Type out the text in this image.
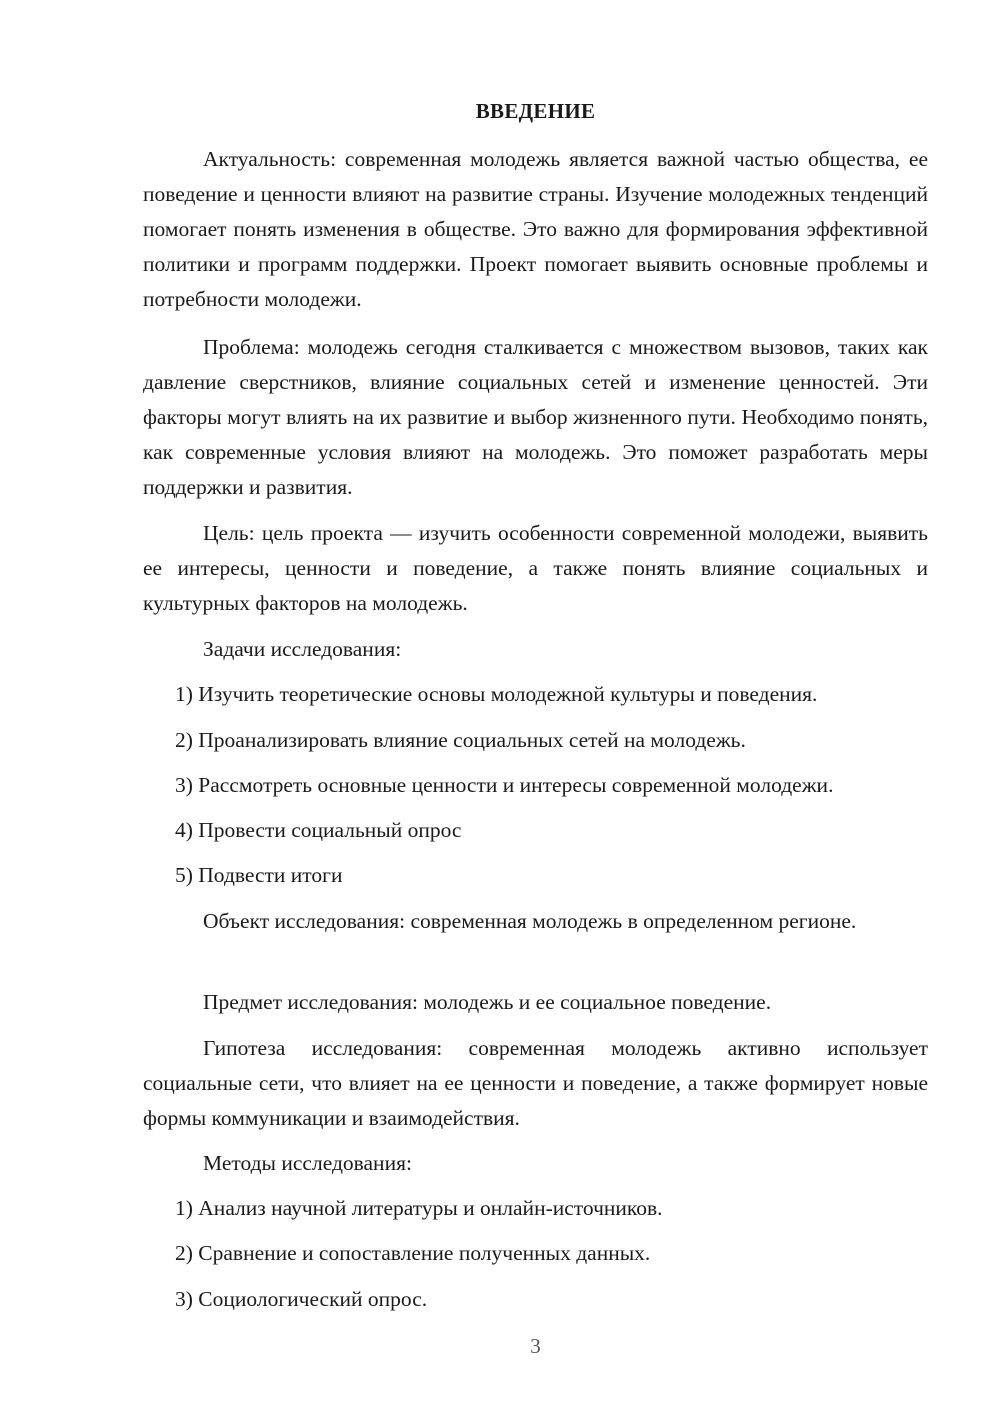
ВВЕДЕНИЕ

Актуальность: современная молодежь является важной частью общества, ее поведение и ценности влияют на развитие страны. Изучение молодежных тенденций помогает понять изменения в обществе. Это важно для формирования эффективной политики и программ поддержки. Проект помогает выявить основные проблемы и потребности молодежи.

Проблема: молодежь сегодня сталкивается с множеством вызовов, таких как давление сверстников, влияние социальных сетей и изменение ценностей. Эти факторы могут влиять на их развитие и выбор жизненного пути. Необходимо понять, как современные условия влияют на молодежь. Это поможет разработать меры поддержки и развития.

Цель: цель проекта — изучить особенности современной молодежи, выявить ее интересы, ценности и поведение, а также понять влияние социальных и культурных факторов на молодежь.

Задачи исследования:

1) Изучить теоретические основы молодежной культуры и поведения.

2) Проанализировать влияние социальных сетей на молодежь.

3) Рассмотреть основные ценности и интересы современной молодежи.

4) Провести социальный опрос

5) Подвести итоги

Объект исследования: современная молодежь в определенном регионе.

Предмет исследования: молодежь и ее социальное поведение.

Гипотеза исследования: современная молодежь активно использует социальные сети, что влияет на ее ценности и поведение, а также формирует новые формы коммуникации и взаимодействия.

Методы исследования:

1) Анализ научной литературы и онлайн-источников.

2) Сравнение и сопоставление полученных данных.

3) Социологический опрос.

3
